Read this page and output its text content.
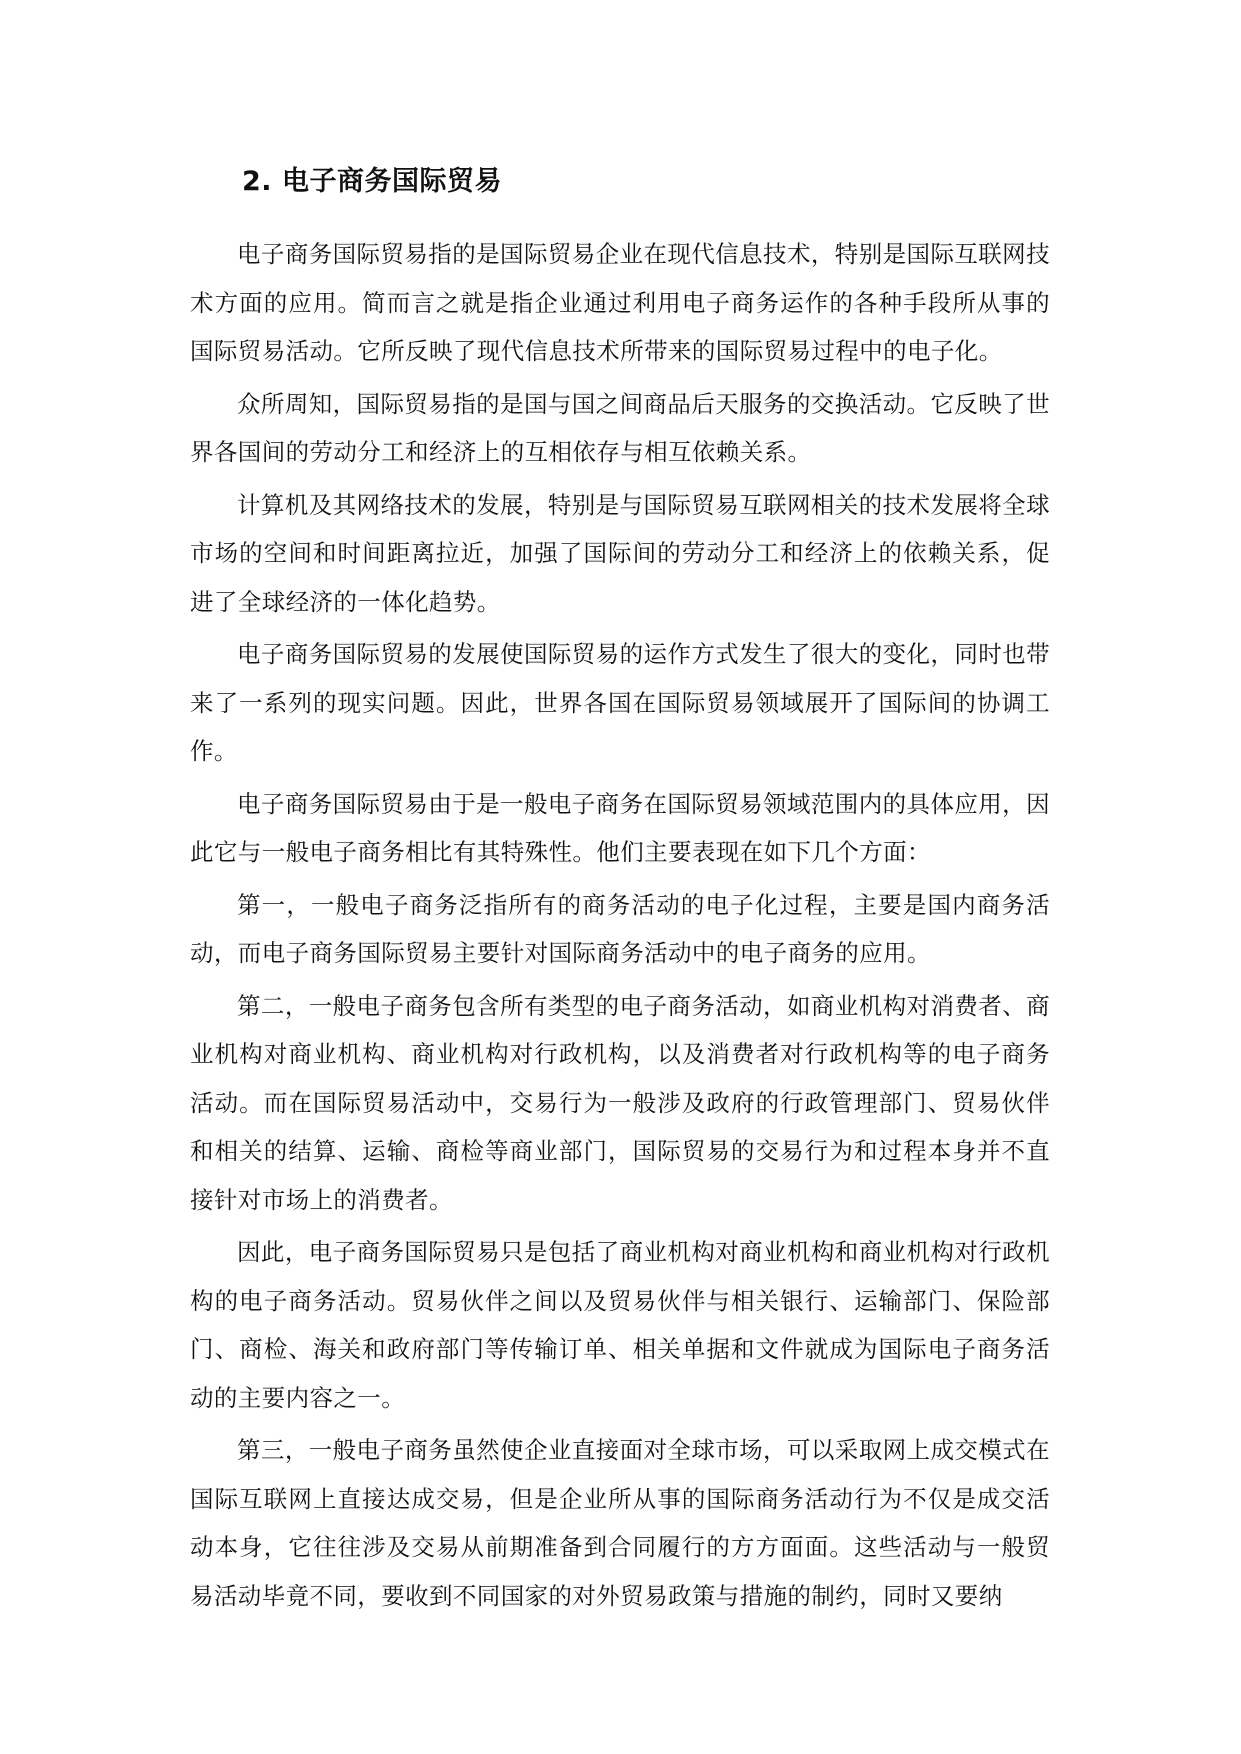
2. 电子商务国际贸易

电子商务国际贸易指的是国际贸易企业在现代信息技术，特别是国际互联网技术方面的应用。简而言之就是指企业通过利用电子商务运作的各种手段所从事的国际贸易活动。它所反映了现代信息技术所带来的国际贸易过程中的电子化。

众所周知，国际贸易指的是国与国之间商品后天服务的交换活动。它反映了世界各国间的劳动分工和经济上的互相依存与相互依赖关系。

计算机及其网络技术的发展，特别是与国际贸易互联网相关的技术发展将全球市场的空间和时间距离拉近，加强了国际间的劳动分工和经济上的依赖关系，促进了全球经济的一体化趋势。

电子商务国际贸易的发展使国际贸易的运作方式发生了很大的变化，同时也带来了一系列的现实问题。因此，世界各国在国际贸易领域展开了国际间的协调工作。

电子商务国际贸易由于是一般电子商务在国际贸易领域范围内的具体应用，因此它与一般电子商务相比有其特殊性。他们主要表现在如下几个方面：

第一，一般电子商务泛指所有的商务活动的电子化过程，主要是国内商务活动，而电子商务国际贸易主要针对国际商务活动中的电子商务的应用。

第二，一般电子商务包含所有类型的电子商务活动，如商业机构对消费者、商业机构对商业机构、商业机构对行政机构，以及消费者对行政机构等的电子商务活动。而在国际贸易活动中，交易行为一般涉及政府的行政管理部门、贸易伙伴和相关的结算、运输、商检等商业部门，国际贸易的交易行为和过程本身并不直接针对市场上的消费者。

因此，电子商务国际贸易只是包括了商业机构对商业机构和商业机构对行政机构的电子商务活动。贸易伙伴之间以及贸易伙伴与相关银行、运输部门、保险部门、商检、海关和政府部门等传输订单、相关单据和文件就成为国际电子商务活动的主要内容之一。

第三，一般电子商务虽然使企业直接面对全球市场，可以采取网上成交模式在国际互联网上直接达成交易，但是企业所从事的国际商务活动行为不仅是成交活动本身，它往往涉及交易从前期准备到合同履行的方方面面。这些活动与一般贸易活动毕竟不同，要收到不同国家的对外贸易政策与措施的制约，同时又要纳
